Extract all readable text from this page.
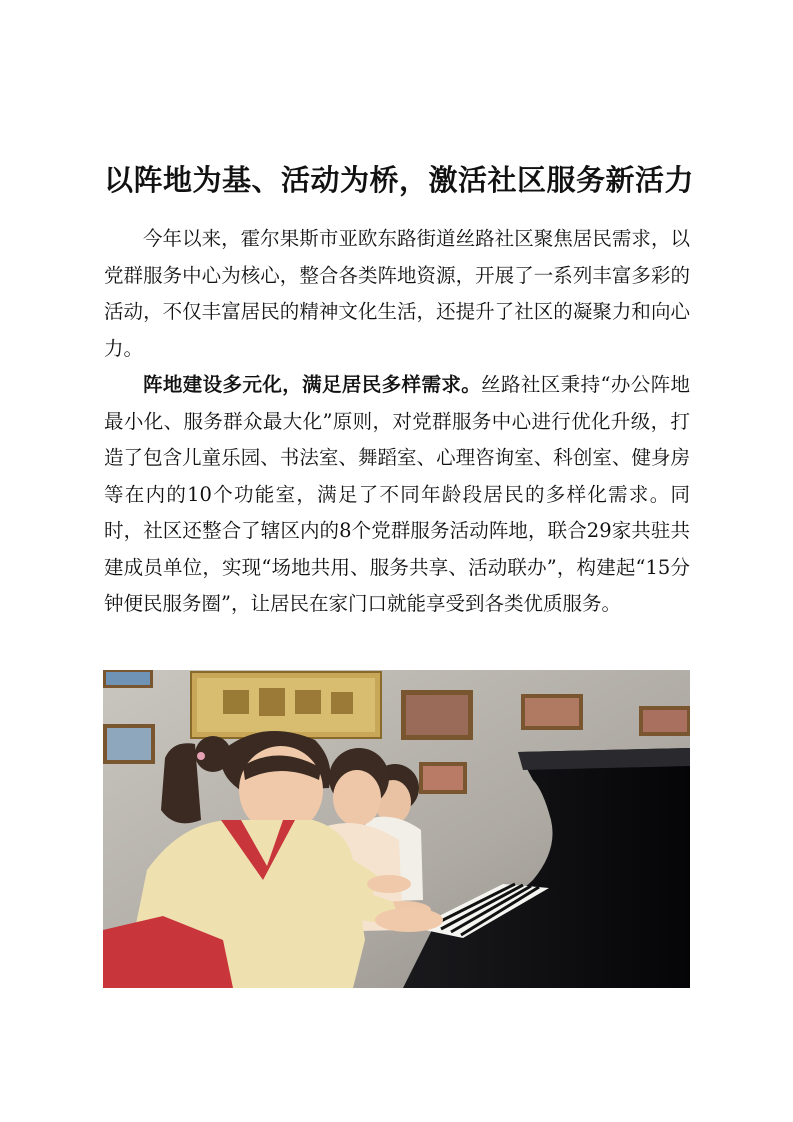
以阵地为基、活动为桥，激活社区服务新活力

今年以来，霍尔果斯市亚欧东路街道丝路社区聚焦居民需求，以党群服务中心为核心，整合各类阵地资源，开展了一系列丰富多彩的活动，不仅丰富居民的精神文化生活，还提升了社区的凝聚力和向心力。

阵地建设多元化，满足居民多样需求。丝路社区秉持“办公阵地最小化、服务群众最大化”原则，对党群服务中心进行优化升级，打造了包含儿童乐园、书法室、舞蹈室、心理咨询室、科创室、健身房等在内的10个功能室，满足了不同年龄段居民的多样化需求。同时，社区还整合了辖区内的8个党群服务活动阵地，联合29家共驻共建成员单位，实现“场地共用、服务共享、活动联办”，构建起“15分钟便民服务圈”，让居民在家门口就能享受到各类优质服务。
